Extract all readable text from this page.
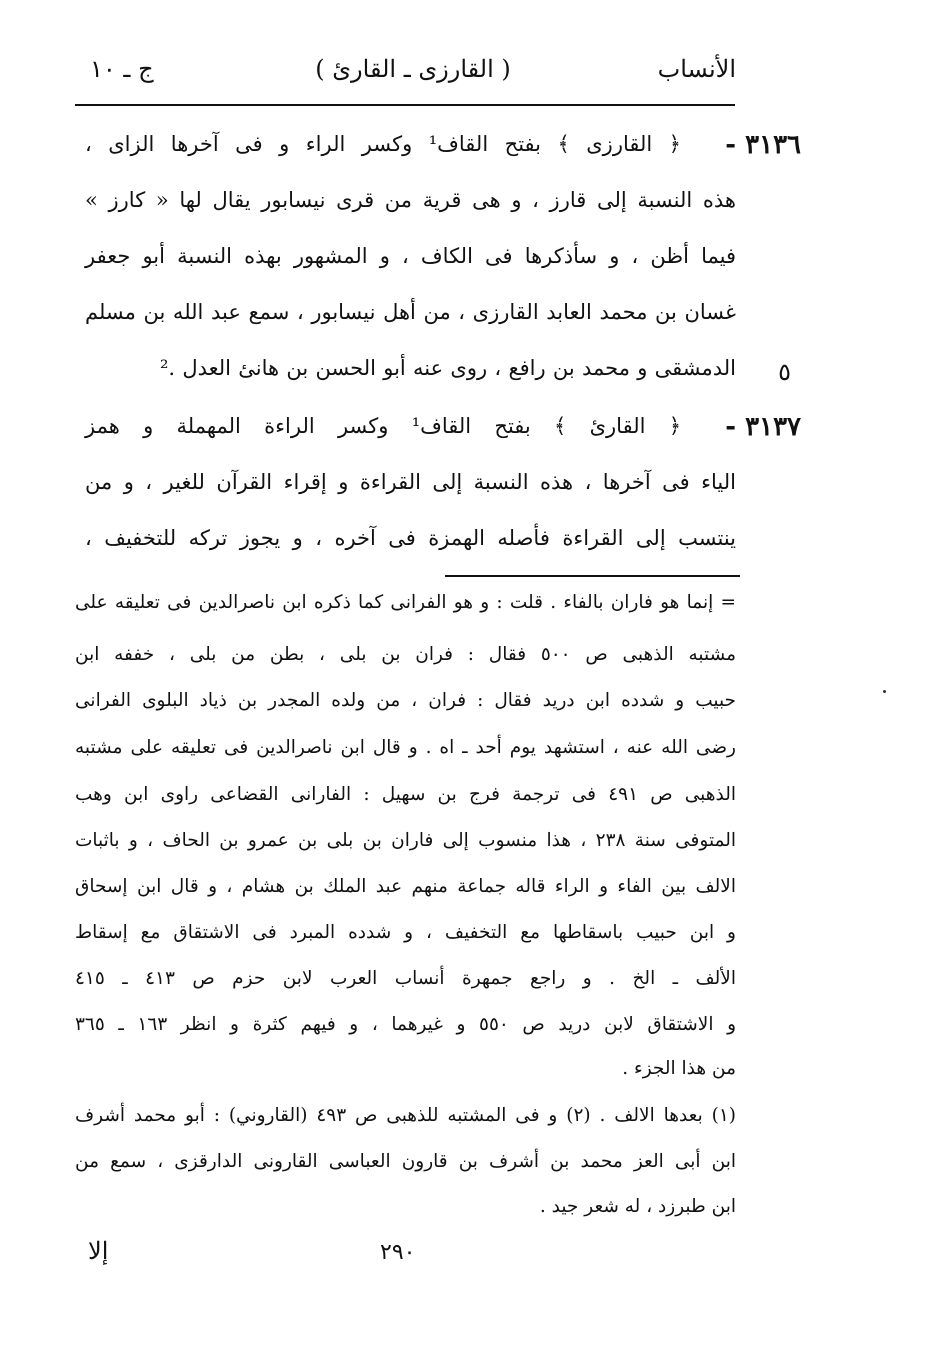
الأنساب
( القارزى ـ القارئ )
ج ـ ١٠
٣١٣٦ -
﴿ القارزى ﴾ بفتح القاف¹ وكسر الراء و فى آخرها الزاى ،
هذه النسبة إلى قارز ، و هى قرية من قرى نيسابور يقال لها « كارز »
فيما أظن ، و سأذكرها فى الكاف ، و المشهور بهذه النسبة أبو جعفر
غسان بن محمد العابد القارزى ، من أهل نيسابور ، سمع عبد الله بن مسلم
٥
الدمشقى و محمد بن رافع ، روى عنه أبو الحسن بن هانئ العدل .²
٣١٣٧ -
﴿ القارئ ﴾ بفتح القاف¹ وكسر الراءة المهملة و همز
الياء فى آخرها ، هذه النسبة إلى القراءة و إقراء القرآن للغير ، و من
ينتسب إلى القراءة فأصله الهمزة فى آخره ، و يجوز تركه للتخفيف ،
= إنما هو فاران بالفاء . قلت : و هو الفرانى كما ذكره ابن ناصرالدين فى تعليقه على
مشتبه الذهبى ص ٥٠٠ فقال : فران بن بلى ، بطن من بلى ، خففه ابن
حبيب و شدده ابن دريد فقال : فران ، من ولده المجدر بن ذياد البلوى الفرانى
رضى الله عنه ، استشهد يوم أحد ـ اه . و قال ابن ناصرالدين فى تعليقه على مشتبه
الذهبى ص ٤٩١ فى ترجمة فرج بن سهيل : الفارانى القضاعى راوى ابن وهب
المتوفى سنة ٢٣٨ ، هذا منسوب إلى فاران بن بلى بن عمرو بن الحاف ، و باثبات
الالف بين الفاء و الراء قاله جماعة منهم عبد الملك بن هشام ، و قال ابن إسحاق
و ابن حبيب باسقاطها مع التخفيف ، و شدده المبرد فى الاشتقاق مع إسقاط
الألف ـ الخ . و راجع جمهرة أنساب العرب لابن حزم ص ٤١٣ ـ ٤١٥
و الاشتقاق لابن دريد ص ٥٥٠ و غيرهما ، و فيهم كثرة و انظر ١٦٣ ـ ٣٦٥
من هذا الجزء .
(١) بعدها الالف . (٢) و فى المشتبه للذهبى ص ٤٩٣ (القاروني) : أبو محمد أشرف
ابن أبى العز محمد بن أشرف بن قارون العباسى القارونى الدارقزى ، سمع من
ابن طبرزد ، له شعر جيد .
٢٩٠
إلا
